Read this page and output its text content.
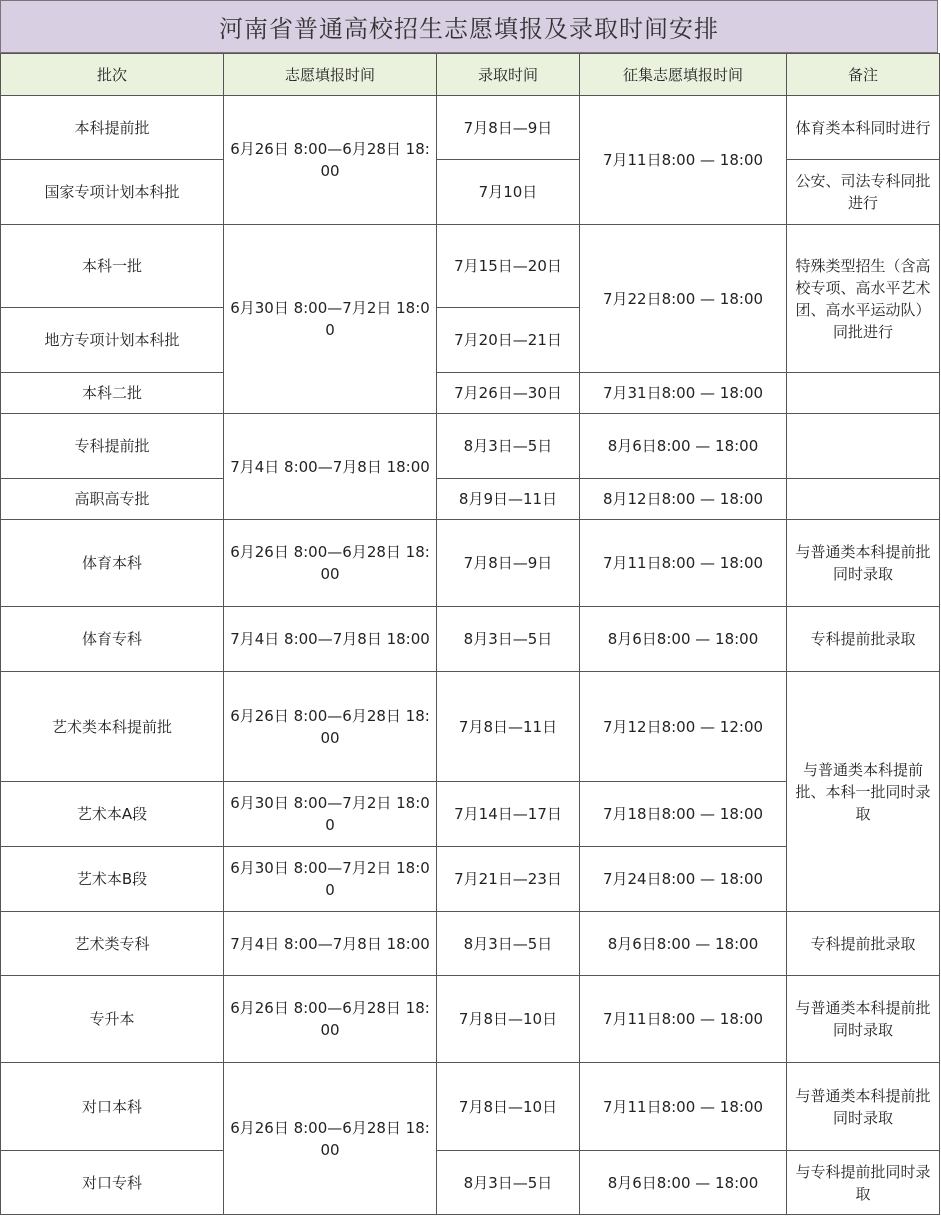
河南省普通高校招生志愿填报及录取时间安排
批次	志愿填报时间	录取时间	征集志愿填报时间	备注
本科提前批	6月26日 8:00—6月28日 18:00	7月8日—9日	7月11日8:00 — 18:00	体育类本科同时进行
国家专项计划本科批		7月10日		公安、司法专科同批进行
本科一批	6月30日 8:00—7月2日 18:00	7月15日—20日	7月22日8:00 — 18:00	特殊类型招生（含高校专项、高水平艺术团、高水平运动队）同批进行
地方专项计划本科批		7月20日—21日		
本科二批		7月26日—30日	7月31日8:00 — 18:00	
专科提前批	7月4日 8:00—7月8日 18:00	8月3日—5日	8月6日8:00 — 18:00	
高职高专批		8月9日—11日	8月12日8:00 — 18:00	
体育本科	6月26日 8:00—6月28日 18:00	7月8日—9日	7月11日8:00 — 18:00	与普通类本科提前批同时录取
体育专科	7月4日 8:00—7月8日 18:00	8月3日—5日	8月6日8:00 — 18:00	专科提前批录取
艺术类本科提前批	6月26日 8:00—6月28日 18:00	7月8日—11日	7月12日8:00 — 12:00	与普通类本科提前批、本科一批同时录取
艺术本A段	6月30日 8:00—7月2日 18:00	7月14日—17日	7月18日8:00 — 18:00	
艺术本B段	6月30日 8:00—7月2日 18:00	7月21日—23日	7月24日8:00 — 18:00	
艺术类专科	7月4日 8:00—7月8日 18:00	8月3日—5日	8月6日8:00 — 18:00	专科提前批录取
专升本	6月26日 8:00—6月28日 18:00	7月8日—10日	7月11日8:00 — 18:00	与普通类本科提前批同时录取
对口本科	6月26日 8:00—6月28日 18:00	7月8日—10日	7月11日8:00 — 18:00	与普通类本科提前批同时录取
对口专科		8月3日—5日	8月6日8:00 — 18:00	与专科提前批同时录取
